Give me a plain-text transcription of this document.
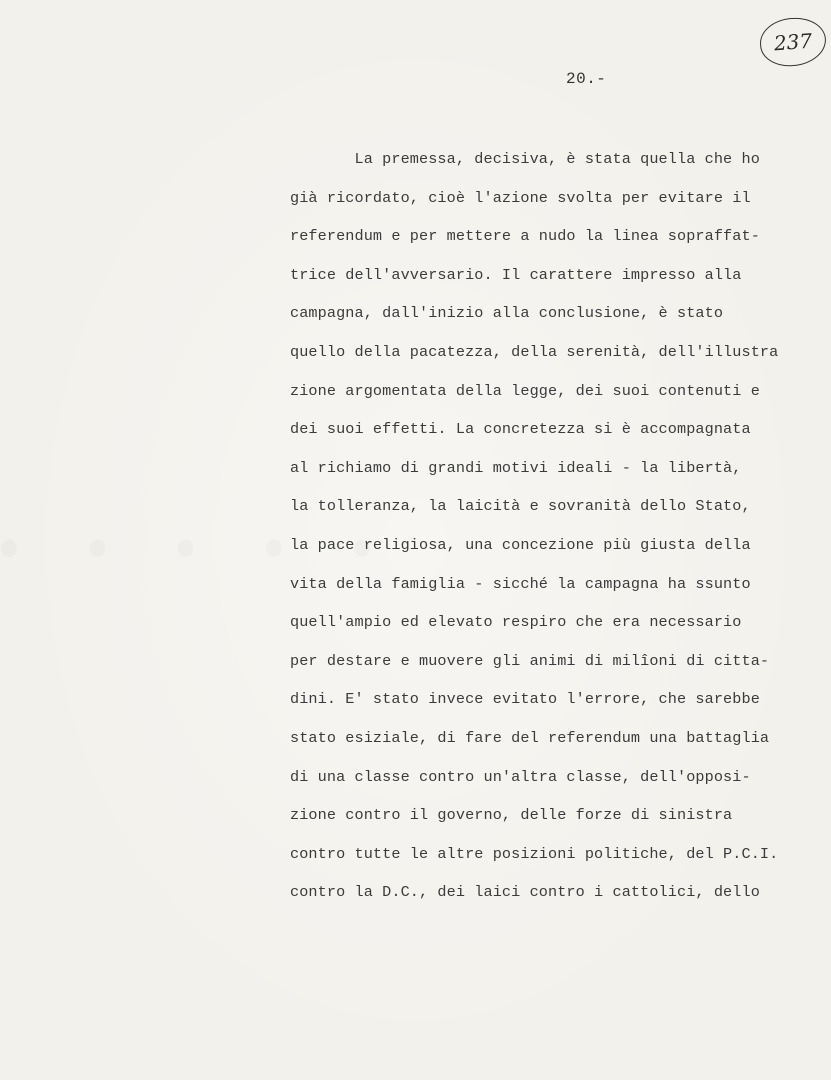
237
20.-
La premessa, decisiva, è stata quella che ho
già ricordato, cioè l'azione svolta per evitare il
referendum e per mettere a nudo la linea sopraffat-
trice dell'avversario. Il carattere impresso alla
campagna, dall'inizio alla conclusione, è stato
quello della pacatezza, della serenità, dell'illustra
zione argomentata della legge, dei suoi contenuti e
dei suoi effetti. La concretezza si è accompagnata
al richiamo di grandi motivi ideali - la libertà,
la tolleranza, la laicità e sovranità dello Stato,
la pace religiosa, una concezione più giusta della
vita della famiglia - sicché la campagna ha ssunto
quell'ampio ed elevato respiro che era necessario
per destare e muovere gli animi di milîoni di citta-
dini. E' stato invece evitato l'errore, che sarebbe
stato esiziale, di fare del referendum una battaglia
di una classe contro un'altra classe, dell'opposi-
zione contro il governo, delle forze di sinistra
contro tutte le altre posizioni politiche, del P.C.I.
contro la D.C., dei laici contro i cattolici, dello
